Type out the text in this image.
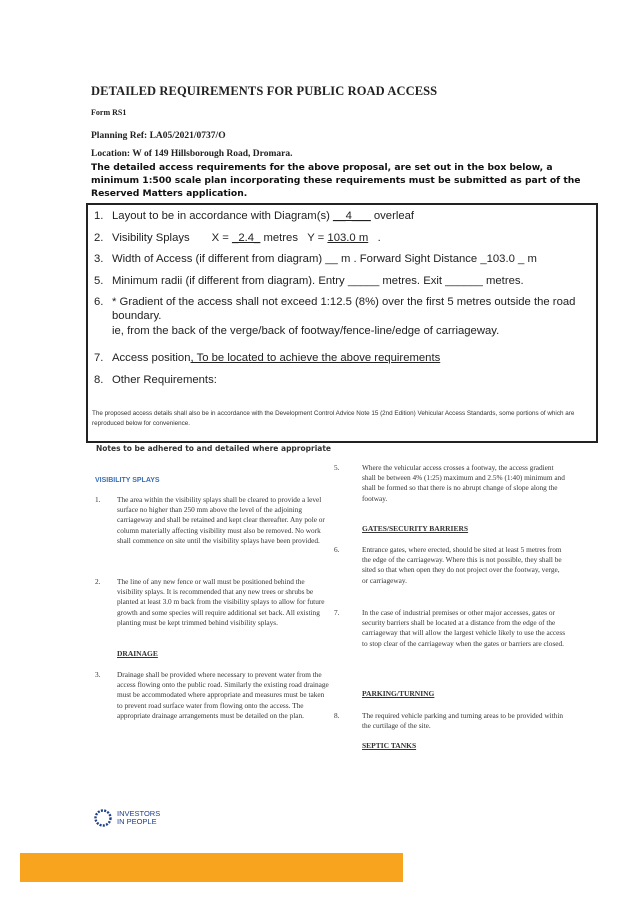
DETAILED REQUIREMENTS FOR PUBLIC ROAD ACCESS
Form RS1
Planning Ref: LA05/2021/0737/O
Location: W of 149 Hillsborough Road, Dromara.
The detailed access requirements for the above proposal, are set out in the box below, a minimum 1:500 scale plan incorporating these requirements must be submitted as part of the Reserved Matters application.
1. Layout to be in accordance with Diagram(s) __4___ overleaf
2. Visibility Splays       X = _2.4_ metres   Y = 103.0 m   .
3. Width of Access (if different from diagram) __ m . Forward Sight Distance _103.0 _ m
5. Minimum radii (if different from diagram). Entry _____ metres. Exit ______ metres.
6. * Gradient of the access shall not exceed 1:12.5 (8%) over the first 5 metres outside the road
boundary.
ie, from the back of the verge/back of footway/fence-line/edge of carriageway.
7. Access position, To be located to achieve the above requirements
8. Other Requirements:
The proposed access details shall also be in accordance with the Development Control Advice Note 15 (2nd Edition) Vehicular Access Standards, some portions of which are reproduced below for convenience.
Notes to be adhered to and detailed where appropriate
VISIBILITY SPLAYS
1. The area within the visibility splays shall be cleared to provide a level surface no higher than 250 mm above the level of the adjoining carriageway and shall be retained and kept clear thereafter. Any pole or column materially affecting visibility must also be removed. No work shall commence on site until the visibility splays have been provided.
2. The line of any new fence or wall must be positioned behind the visibility splays. It is recommended that any new trees or shrubs be planted at least 3.0 m back from the visibility splays to allow for future growth and some species will require additional set back. All existing planting must be kept trimmed behind visibility splays.
DRAINAGE
3. Drainage shall be provided where necessary to prevent water from the access flowing onto the public road. Similarly the existing road drainage must be accommodated where appropriate and measures must be taken to prevent road surface water from flowing onto the access. The appropriate drainage arrangements must be detailed on the plan.
5.	Where the vehicular access crosses a footway, the access gradient shall be between 4% (1:25) maximum and 2.5% (1:40) minimum and shall be formed so that there is no abrupt change of slope along the footway.
GATES/SECURITY BARRIERS
6.	Entrance gates, where erected, should be sited at least 5 metres from the edge of the carriageway. Where this is not possible, they shall be sited so that when open they do not project over the footway, verge, or carriageway.
7.	In the case of industrial premises or other major accesses, gates or security barriers shall be located at a distance from the edge of the carriageway that will allow the largest vehicle likely to use the access to stop clear of the carriageway when the gates or barriers are closed.
PARKING/TURNING
8.	The required vehicle parking and turning areas to be provided within the curtilage of the site.
SEPTIC TANKS
INVESTORS
IN PEOPLE
